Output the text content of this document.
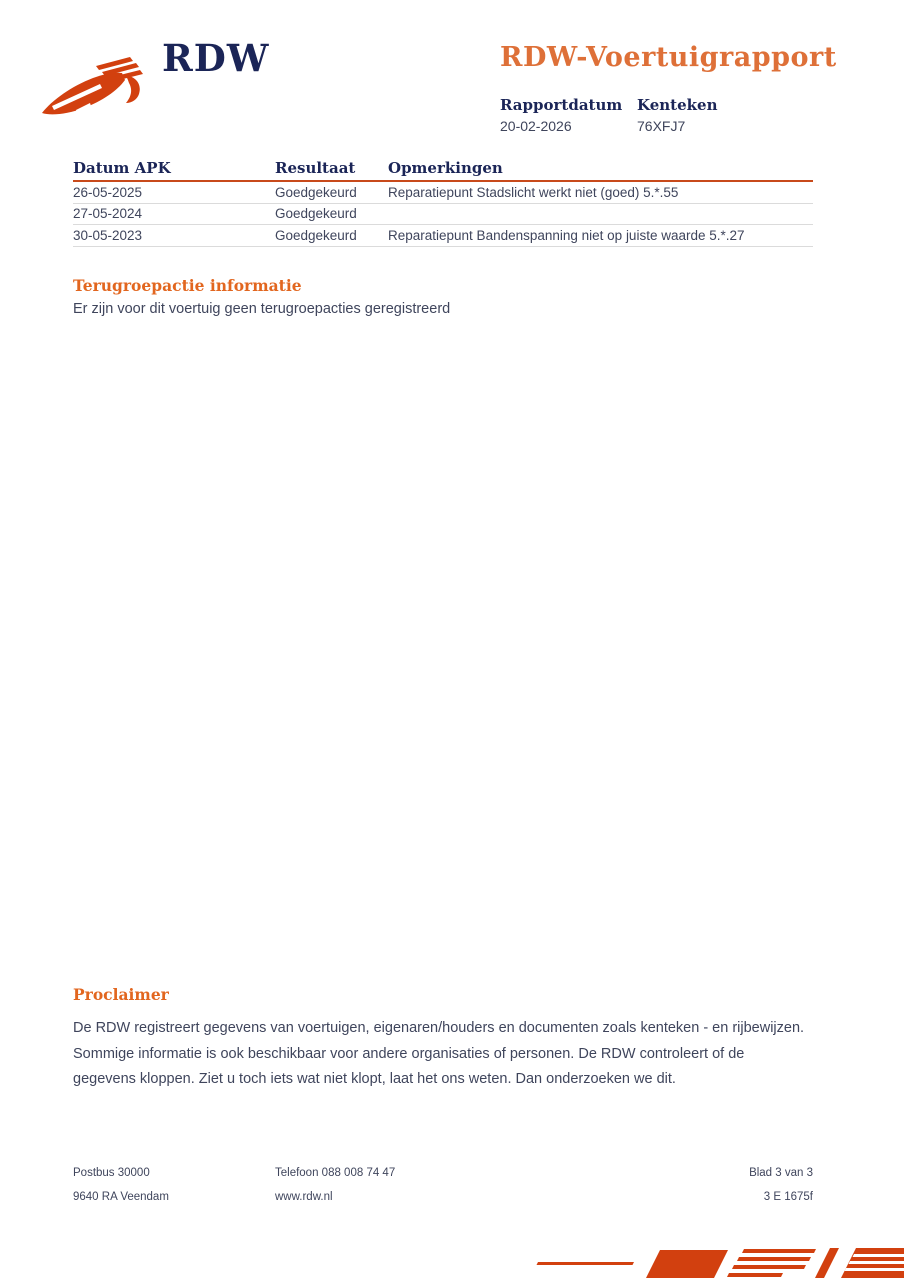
RDW	RDW-Voertuigrapport
Rapportdatum Kenteken
20-02-2026	76XFJ7
Datum APK	Resultaat	Opmerkingen
26-05-2025	Goedgekeurd	Reparatiepunt Stadslicht werkt niet (goed) 5.*.55
27-05-2024	Goedgekeurd
30-05-2023	Goedgekeurd	Reparatiepunt Bandenspanning niet op juiste waarde 5.*.27
Terugroepactie informatie
Er zijn voor dit voertuig geen terugroepacties geregistreerd
Proclaimer
De RDW registreert gegevens van voertuigen, eigenaren/houders en documenten zoals kenteken - en rijbewijzen. Sommige informatie is ook beschikbaar voor andere organisaties of personen. De RDW controleert of de gegevens kloppen. Ziet u toch iets wat niet klopt, laat het ons weten. Dan onderzoeken we dit.
Postbus 30000
9640 RA Veendam
Telefoon 088 008 74 47
www.rdw.nl
Blad 3 van 3
3 E 1675f
